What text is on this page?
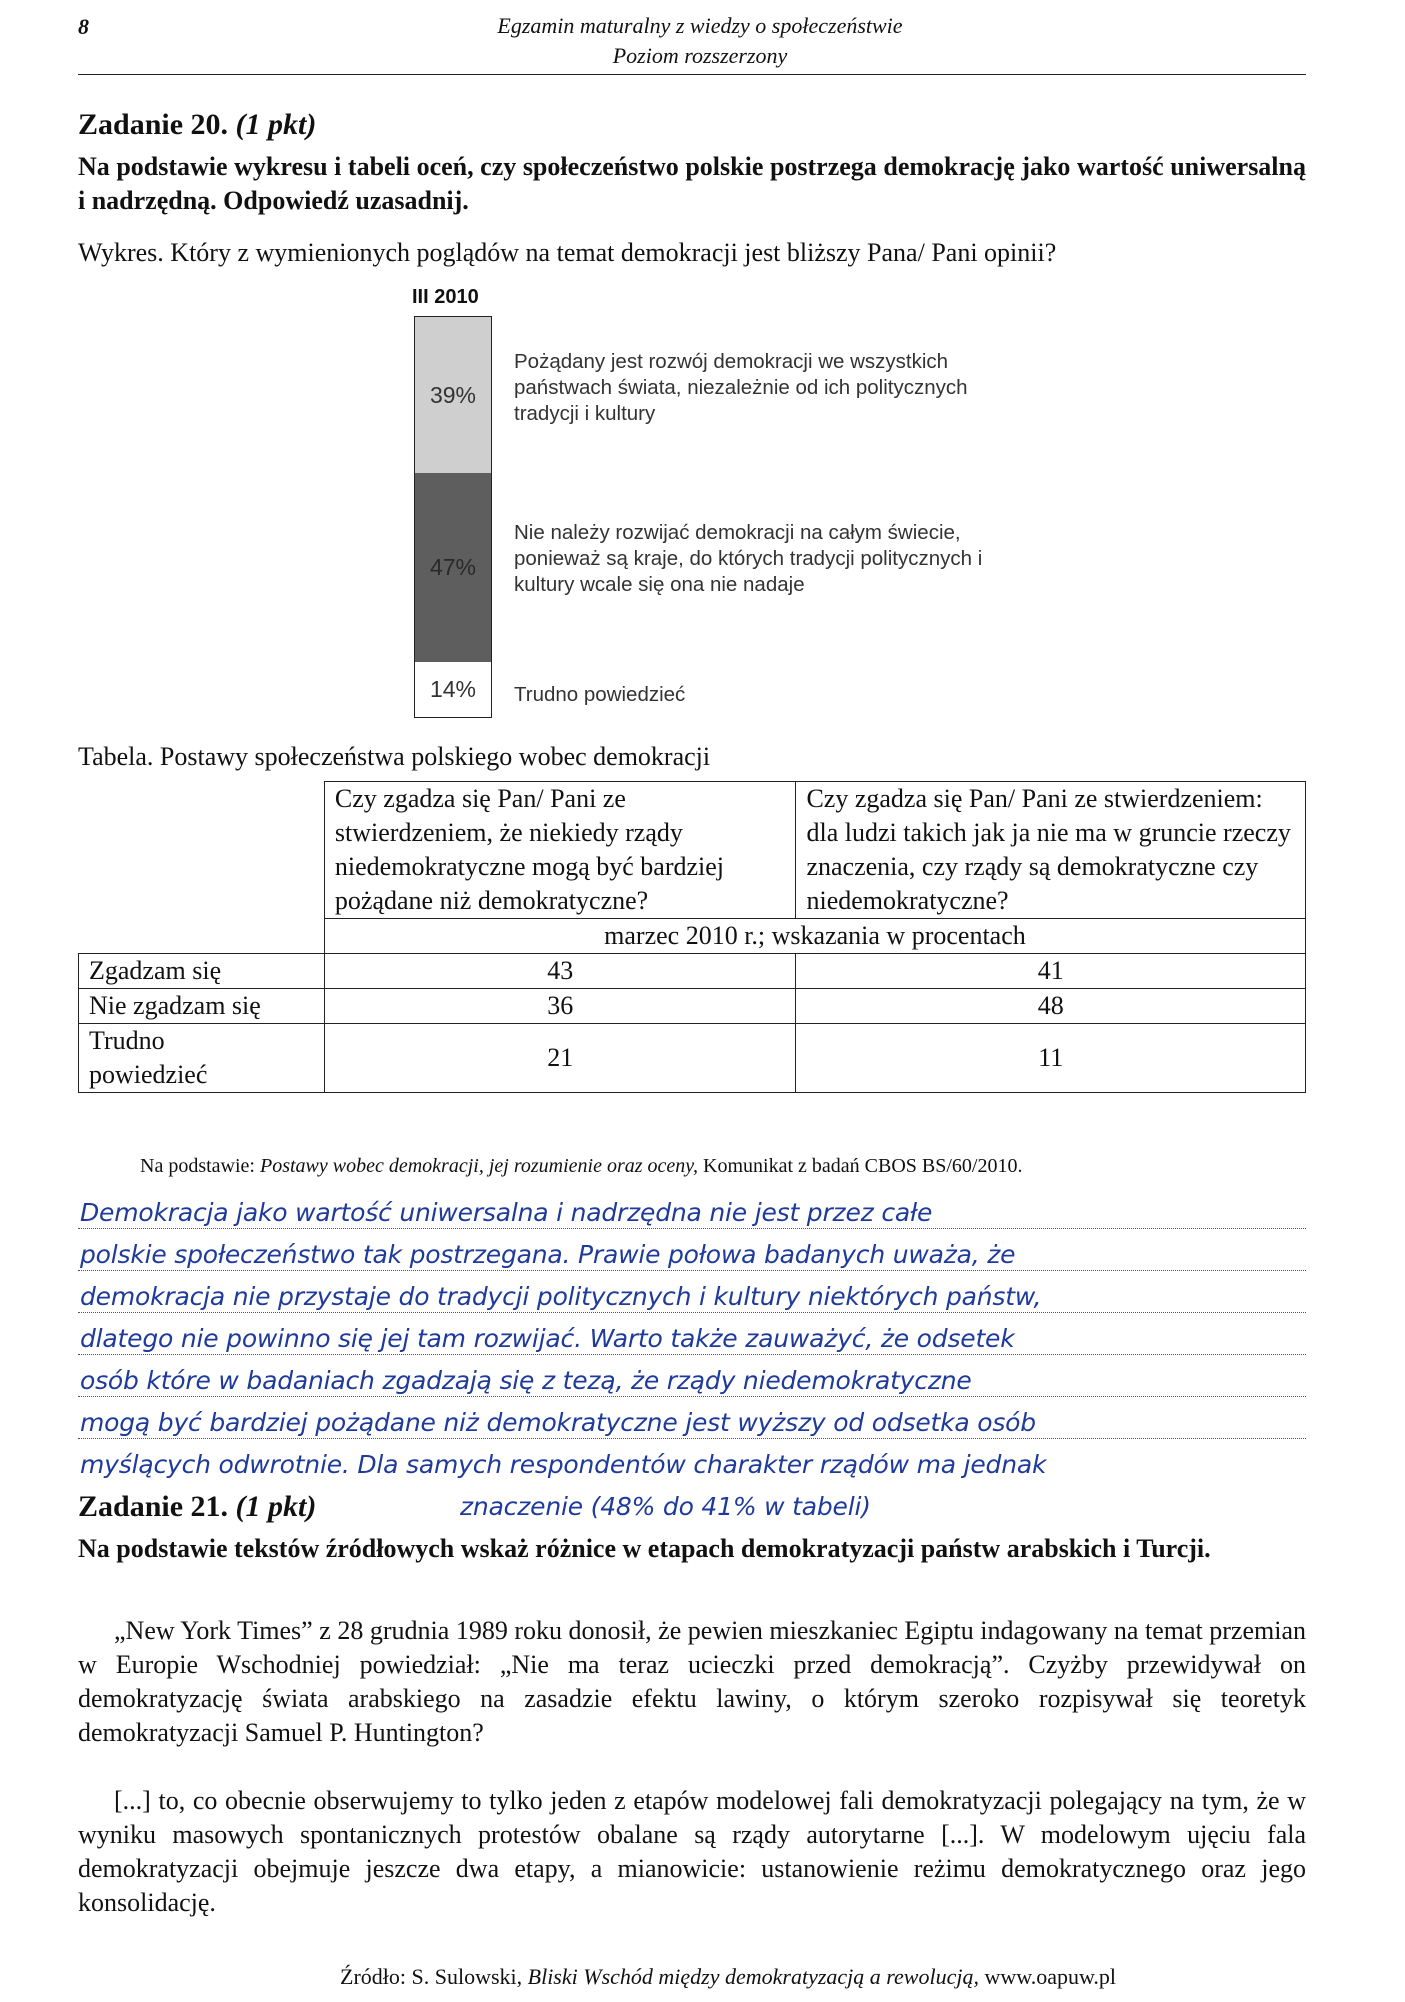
8	Egzamin maturalny z wiedzy o społeczeństwie
Poziom rozszerzony
Zadanie 20. (1 pkt)
Na podstawie wykresu i tabeli oceń, czy społeczeństwo polskie postrzega demokrację jako wartość uniwersalną i nadrzędną. Odpowiedź uzasadnij.
Wykres. Który z wymienionych poglądów na temat demokracji jest bliższy Pana/ Pani opinii?
III 2010
39%
47%
14%
Pożądany jest rozwój demokracji we wszystkich państwach świata, niezależnie od ich politycznych tradycji i kultury
Nie należy rozwijać demokracji na całym świecie, ponieważ są kraje, do których tradycji politycznych i kultury wcale się ona nie nadaje
Trudno powiedzieć
Tabela. Postawy społeczeństwa polskiego wobec demokracji
	Czy zgadza się Pan/ Pani ze stwierdzeniem, że niekiedy rządy niedemokratyczne mogą być bardziej pożądane niż demokratyczne?	Czy zgadza się Pan/ Pani ze stwierdzeniem: dla ludzi takich jak ja nie ma w gruncie rzeczy znaczenia, czy rządy są demokratyczne czy niedemokratyczne?
	marzec 2010 r.; wskazania w procentach	
Zgadzam się	43	41
Nie zgadzam się	36	48
Trudno powiedzieć	21	11
Na podstawie: Postawy wobec demokracji, jej rozumienie oraz oceny, Komunikat z badań CBOS BS/60/2010.
Demokracja jako wartość uniwersalna i nadrzędna nie jest przez całe
polskie społeczeństwo tak postrzegana. Prawie połowa badanych uważa, że
demokracja nie przystaje do tradycji politycznych i kultury niektórych państw,
dlatego nie powinno się jej tam rozwijać. Warto także zauważyć, że odsetek
osób które w badaniach zgadzają się z tezą, że rządy niedemokratyczne
mogą być bardziej pożądane niż demokratyczne jest wyższy od odsetka osób
myślących odwrotnie. Dla samych respondentów charakter rządów ma jednak
znaczenie (48% do 41% w tabeli)
Zadanie 21. (1 pkt)
Na podstawie tekstów źródłowych wskaż różnice w etapach demokratyzacji państw arabskich i Turcji.
„New York Times” z 28 grudnia 1989 roku donosił, że pewien mieszkaniec Egiptu indagowany na temat przemian w Europie Wschodniej powiedział: „Nie ma teraz ucieczki przed demokracją”. Czyżby przewidywał on demokratyzację świata arabskiego na zasadzie efektu lawiny, o którym szeroko rozpisywał się teoretyk demokratyzacji Samuel P. Huntington?
[...] to, co obecnie obserwujemy to tylko jeden z etapów modelowej fali demokratyzacji polegający na tym, że w wyniku masowych spontanicznych protestów obalane są rządy autorytarne [...]. W modelowym ujęciu fala demokratyzacji obejmuje jeszcze dwa etapy, a mianowicie: ustanowienie reżimu demokratycznego oraz jego konsolidację.
Źródło: S. Sulowski, Bliski Wschód między demokratyzacją a rewolucją, www.oapuw.pl
